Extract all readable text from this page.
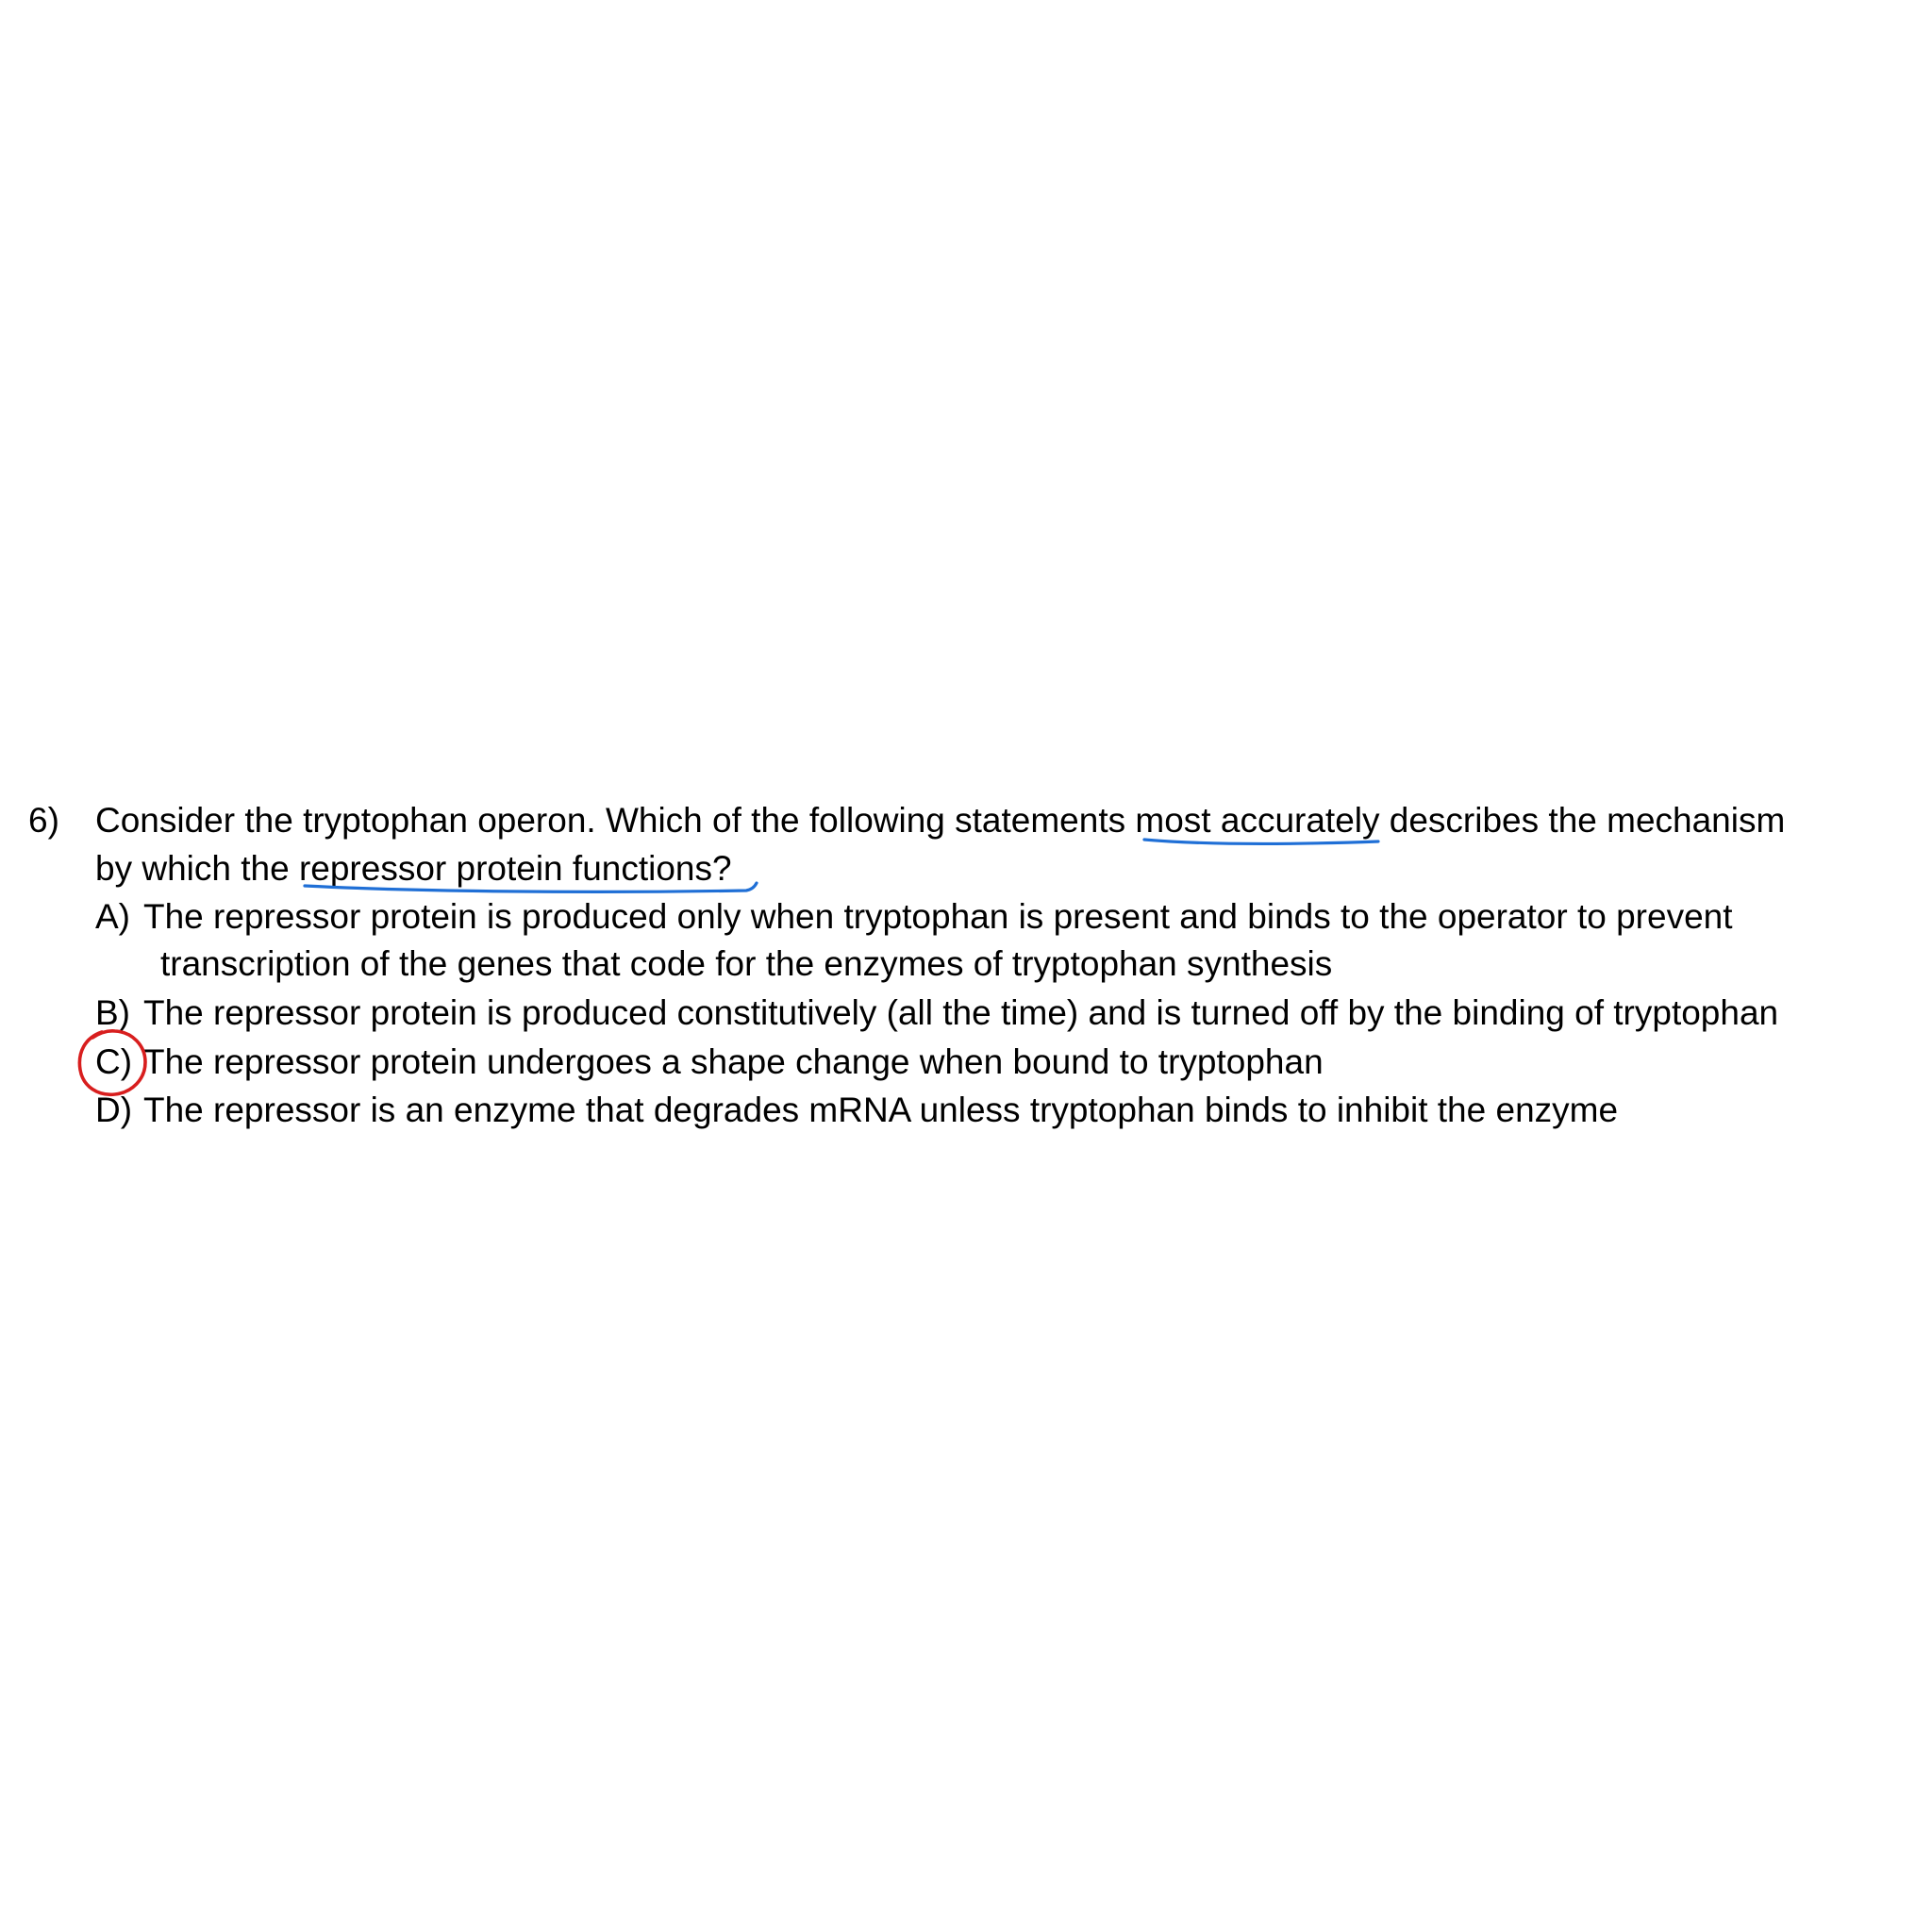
6) Consider the tryptophan operon. Which of the following statements most accurately
describes the mechanism
by which the repressor protein functions
?
A) The repressor protein is produced only when tryptophan is present and binds to the operator to prevent
transcription of the genes that code for the enzymes of tryptophan synthesis
B) The repressor protein is produced constitutively (all the time) and is turned off by the binding of tryptophan
C) The repressor protein undergoes a shape change when bound to tryptophan
D) The repressor is an enzyme that degrades mRNA unless tryptophan binds to inhibit the enzyme
